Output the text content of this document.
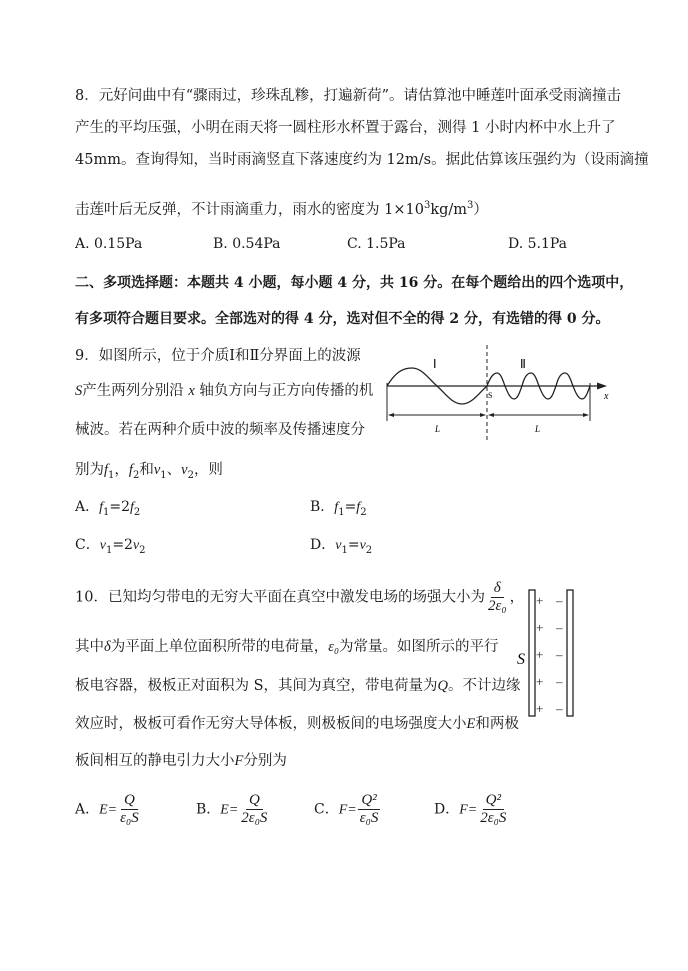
8．元好问曲中有“骤雨过，珍珠乱糁，打遍新荷”。请估算池中睡莲叶面承受雨滴撞击
产生的平均压强，小明在雨天将一圆柱形水杯置于露台，测得 1 小时内杯中水上升了
45mm。查询得知，当时雨滴竖直下落速度约为 12m/s。据此估算该压强约为（设雨滴撞
击莲叶后无反弹，不计雨滴重力，雨水的密度为 $1\times 10^3kg/m^3$）
A. 0.15Pa	B. 0.54Pa	C. 1.5Pa	D. 5.1Pa
二、多项选择题：本题共 4 小题，每小题 4 分，共 16 分。在每个题给出的四个选项中，
有多项符合题目要求。全部选对的得 4 分，选对但不全的得 2 分，有选错的得 0 分。
9．如图所示，位于介质Ⅰ和Ⅱ分界面上的波源
S产生两列分别沿 x 轴负方向与正方向传播的机
械波。若在两种介质中波的频率及传播速度分
别为$f_1$，$f_2$和$v_1$、$v_2$，则
Ⅰ	Ⅱ
S	x
L	L
A．$f_1=2f_2$	B．$f_1=f_2$
C．$v_1=2v_2$	D．$v_1=v_2$
10．已知均匀带电的无穷大平面在真空中激发电场的场强大小为 $\frac{\delta}{\text{2ε₀}}$ ，
其中δ为平面上单位面积所带的电荷量，ε₀为常量。如图所示的平行
板电容器，极板正对面积为 S，其间为真空，带电荷量为Q。不计边缘
效应时，极板可看作无穷大导体板，则极板间的电场强度大小E和两极
板间相互的静电引力大小F分别为
S
+
+
+
+
+
–
–
–
–
–
A．$E= \frac{Q}{\text{ε₀S}}$	B．$E= \frac{Q}{\text{2ε₀S}}$	C．$F= \frac{\text{Q²}}{\text{ε₀S}}$	D．$F= \frac{\text{Q²}}{\text{2ε₀S}}$
